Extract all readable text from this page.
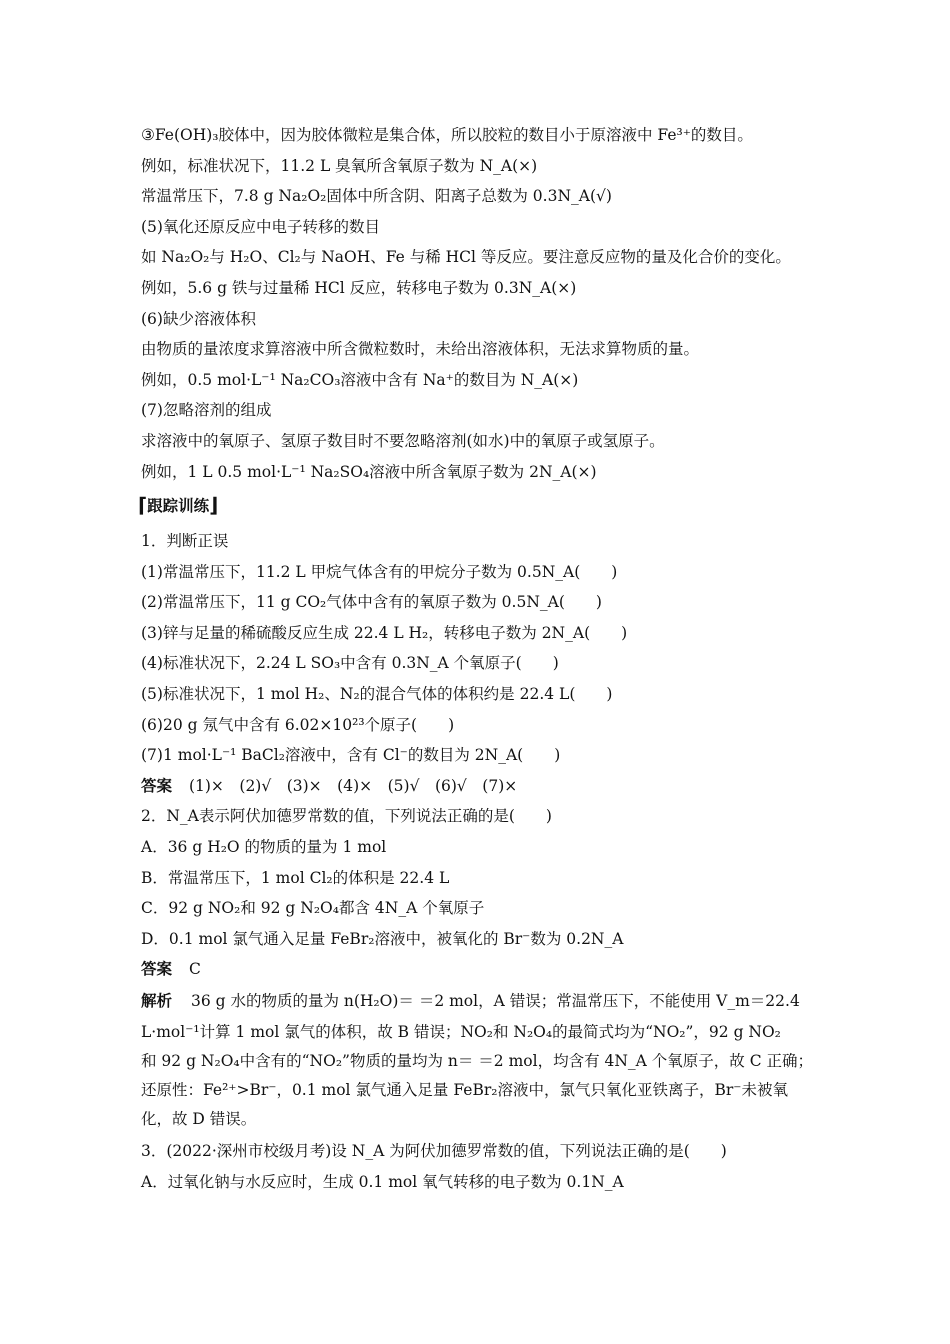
③Fe(OH)₃胶体中，因为胶体微粒是集合体，所以胶粒的数目小于原溶液中 Fe³⁺的数目。
例如，标准状况下，11.2 L 臭氧所含氧原子数为 N_A(×)
常温常压下，7.8 g Na₂O₂固体中所含阴、阳离子总数为 0.3N_A(√)
(5)氧化还原反应中电子转移的数目
如 Na₂O₂与 H₂O、Cl₂与 NaOH、Fe 与稀 HCl 等反应。要注意反应物的量及化合价的变化。
例如，5.6 g 铁与过量稀 HCl 反应，转移电子数为 0.3N_A(×)
(6)缺少溶液体积
由物质的量浓度求算溶液中所含微粒数时，未给出溶液体积，无法求算物质的量。
例如，0.5 mol·L⁻¹ Na₂CO₃溶液中含有 Na⁺的数目为 N_A(×)
(7)忽略溶剂的组成
求溶液中的氧原子、氢原子数目时不要忽略溶剂(如水)中的氧原子或氢原子。
例如，1 L 0.5 mol·L⁻¹ Na₂SO₄溶液中所含氧原子数为 2N_A(×)
⌈跟踪训练⌋
1．判断正误
(1)常温常压下，11.2 L 甲烷气体含有的甲烷分子数为 0.5N_A(　　)
(2)常温常压下，11 g CO₂气体中含有的氧原子数为 0.5N_A(　　)
(3)锌与足量的稀硫酸反应生成 22.4 L H₂，转移电子数为 2N_A(　　)
(4)标准状况下，2.24 L SO₃中含有 0.3N_A 个氧原子(　　)
(5)标准状况下，1 mol H₂、N₂的混合气体的体积约是 22.4 L(　　)
(6)20 g 氖气中含有 6.02×10²³个原子(　　)
(7)1 mol·L⁻¹ BaCl₂溶液中，含有 Cl⁻的数目为 2N_A(　　)
答案 (1)×　(2)√　(3)×　(4)×　(5)√　(6)√　(7)×
2．N_A表示阿伏加德罗常数的值，下列说法正确的是(　　)
A．36 g H₂O 的物质的量为 1 mol
B．常温常压下，1 mol Cl₂的体积是 22.4 L
C．92 g NO₂和 92 g N₂O₄都含 4N_A 个氧原子
D．0.1 mol 氯气通入足量 FeBr₂溶液中，被氧化的 Br⁻数为 0.2N_A
答案 C
解析 36 g 水的物质的量为 n(H₂O)＝ ＝2 mol，A 错误；常温常压下，不能使用 V_m＝22.4
L·mol⁻¹计算 1 mol 氯气的体积，故 B 错误；NO₂和 N₂O₄的最简式均为“NO₂”，92 g NO₂
和 92 g N₂O₄中含有的“NO₂”物质的量均为 n＝ ＝2 mol，均含有 4N_A 个氧原子，故 C 正确；
还原性：Fe²⁺>Br⁻，0.1 mol 氯气通入足量 FeBr₂溶液中，氯气只氧化亚铁离子，Br⁻未被氧
化，故 D 错误。
3．(2022·深州市校级月考)设 N_A 为阿伏加德罗常数的值，下列说法正确的是(　　)
A．过氧化钠与水反应时，生成 0.1 mol 氧气转移的电子数为 0.1N_A
